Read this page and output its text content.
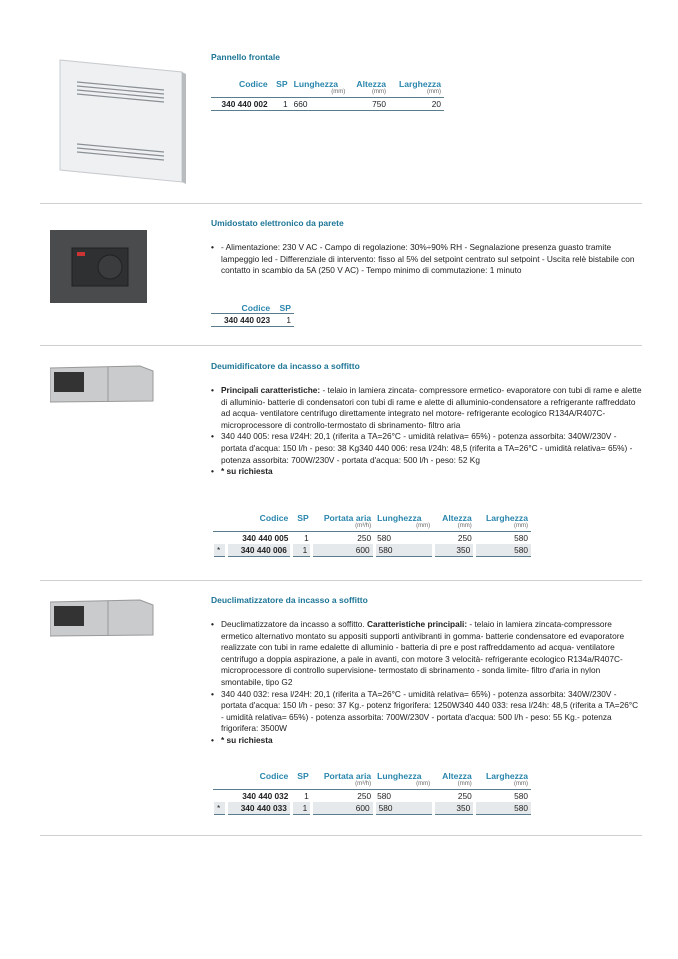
Pannello frontale
Codice	SP	Lunghezza	Altezza	Larghezza
		(mm)	(mm)	(mm)
340 440 002	1	660	750	20
Umidostato elettronico da parete
• - Alimentazione: 230 V AC - Campo di regolazione: 30%÷90% RH - Segnalazione presenza guasto tramite lampeggio led - Differenziale di intervento: fisso al 5% del setpoint centrato sul setpoint - Uscita relè bistabile con contatto in scambio da 5A (250 V AC) - Tempo minimo di commutazione: 1 minuto
Codice	SP
340 440 023	1
Deumidificatore da incasso a soffitto
• Principali caratteristiche: - telaio in lamiera zincata- compressore ermetico- evaporatore con tubi di rame e alette di alluminio- batterie di condensatori con tubi di rame e alette di alluminio-condensatore a refrigerante raffreddato ad acqua- ventilatore centrifugo direttamente integrato nel motore- refrigerante ecologico R134A/R407C- microprocessore di controllo-termostato di sbrinamento- filtro aria
• 340 440 005: resa l/24H: 20,1 (riferita a TA=26°C - umidità relativa= 65%) - potenza assorbita: 340W/230V - portata d'acqua: 150 l/h - peso: 38 Kg340 440 006: resa l/24h: 48,5 (riferita a TA=26°C - umidità relativa= 65%) - potenza assorbita: 700W/230V - portata d'acqua: 500 l/h - peso: 52 Kg
• * su richiesta
	Codice	SP	Portata aria	Lunghezza	Altezza	Larghezza
			(m³/h)	(mm)	(mm)	(mm)
	340 440 005	1	250	580	250	580
*	340 440 006	1	600	580	350	580
Deuclimatizzatore da incasso a soffitto
• Deuclimatizzatore da incasso a soffitto. Caratteristiche principali: - telaio in lamiera zincata-compressore ermetico alternativo montato su appositi supporti antivibranti in gomma- batterie condensatore ed evaporatore realizzate con tubi in rame edalette di alluminio - batteria di pre e post raffreddamento ad acqua- ventilatore centrifugo a doppia aspirazione, a pale in avanti, con motore 3 velocità- refrigerante ecologico R134a/R407C- microprocessore di controllo supervisione- termostato di sbrinamento - sonda limite- filtro d'aria in nylon smontabile, tipo G2
• 340 440 032: resa l/24H: 20,1 (riferita a TA=26°C - umidità relativa= 65%) - potenza assorbita: 340W/230V - portata d'acqua: 150 l/h - peso: 37 Kg.- potenz frigorifera: 1250W340 440 033: resa l/24h: 48,5 (riferita a TA=26°C - umidità relativa= 65%) - potenza assorbita: 700W/230V - portata d'acqua: 500 l/h - peso: 55 Kg.- potenza frigorifera: 3500W
• * su richiesta
	Codice	SP	Portata aria	Lunghezza	Altezza	Larghezza
			(m³/h)	(mm)	(mm)	(mm)
	340 440 032	1	250	580	250	580
*	340 440 033	1	600	580	350	580
